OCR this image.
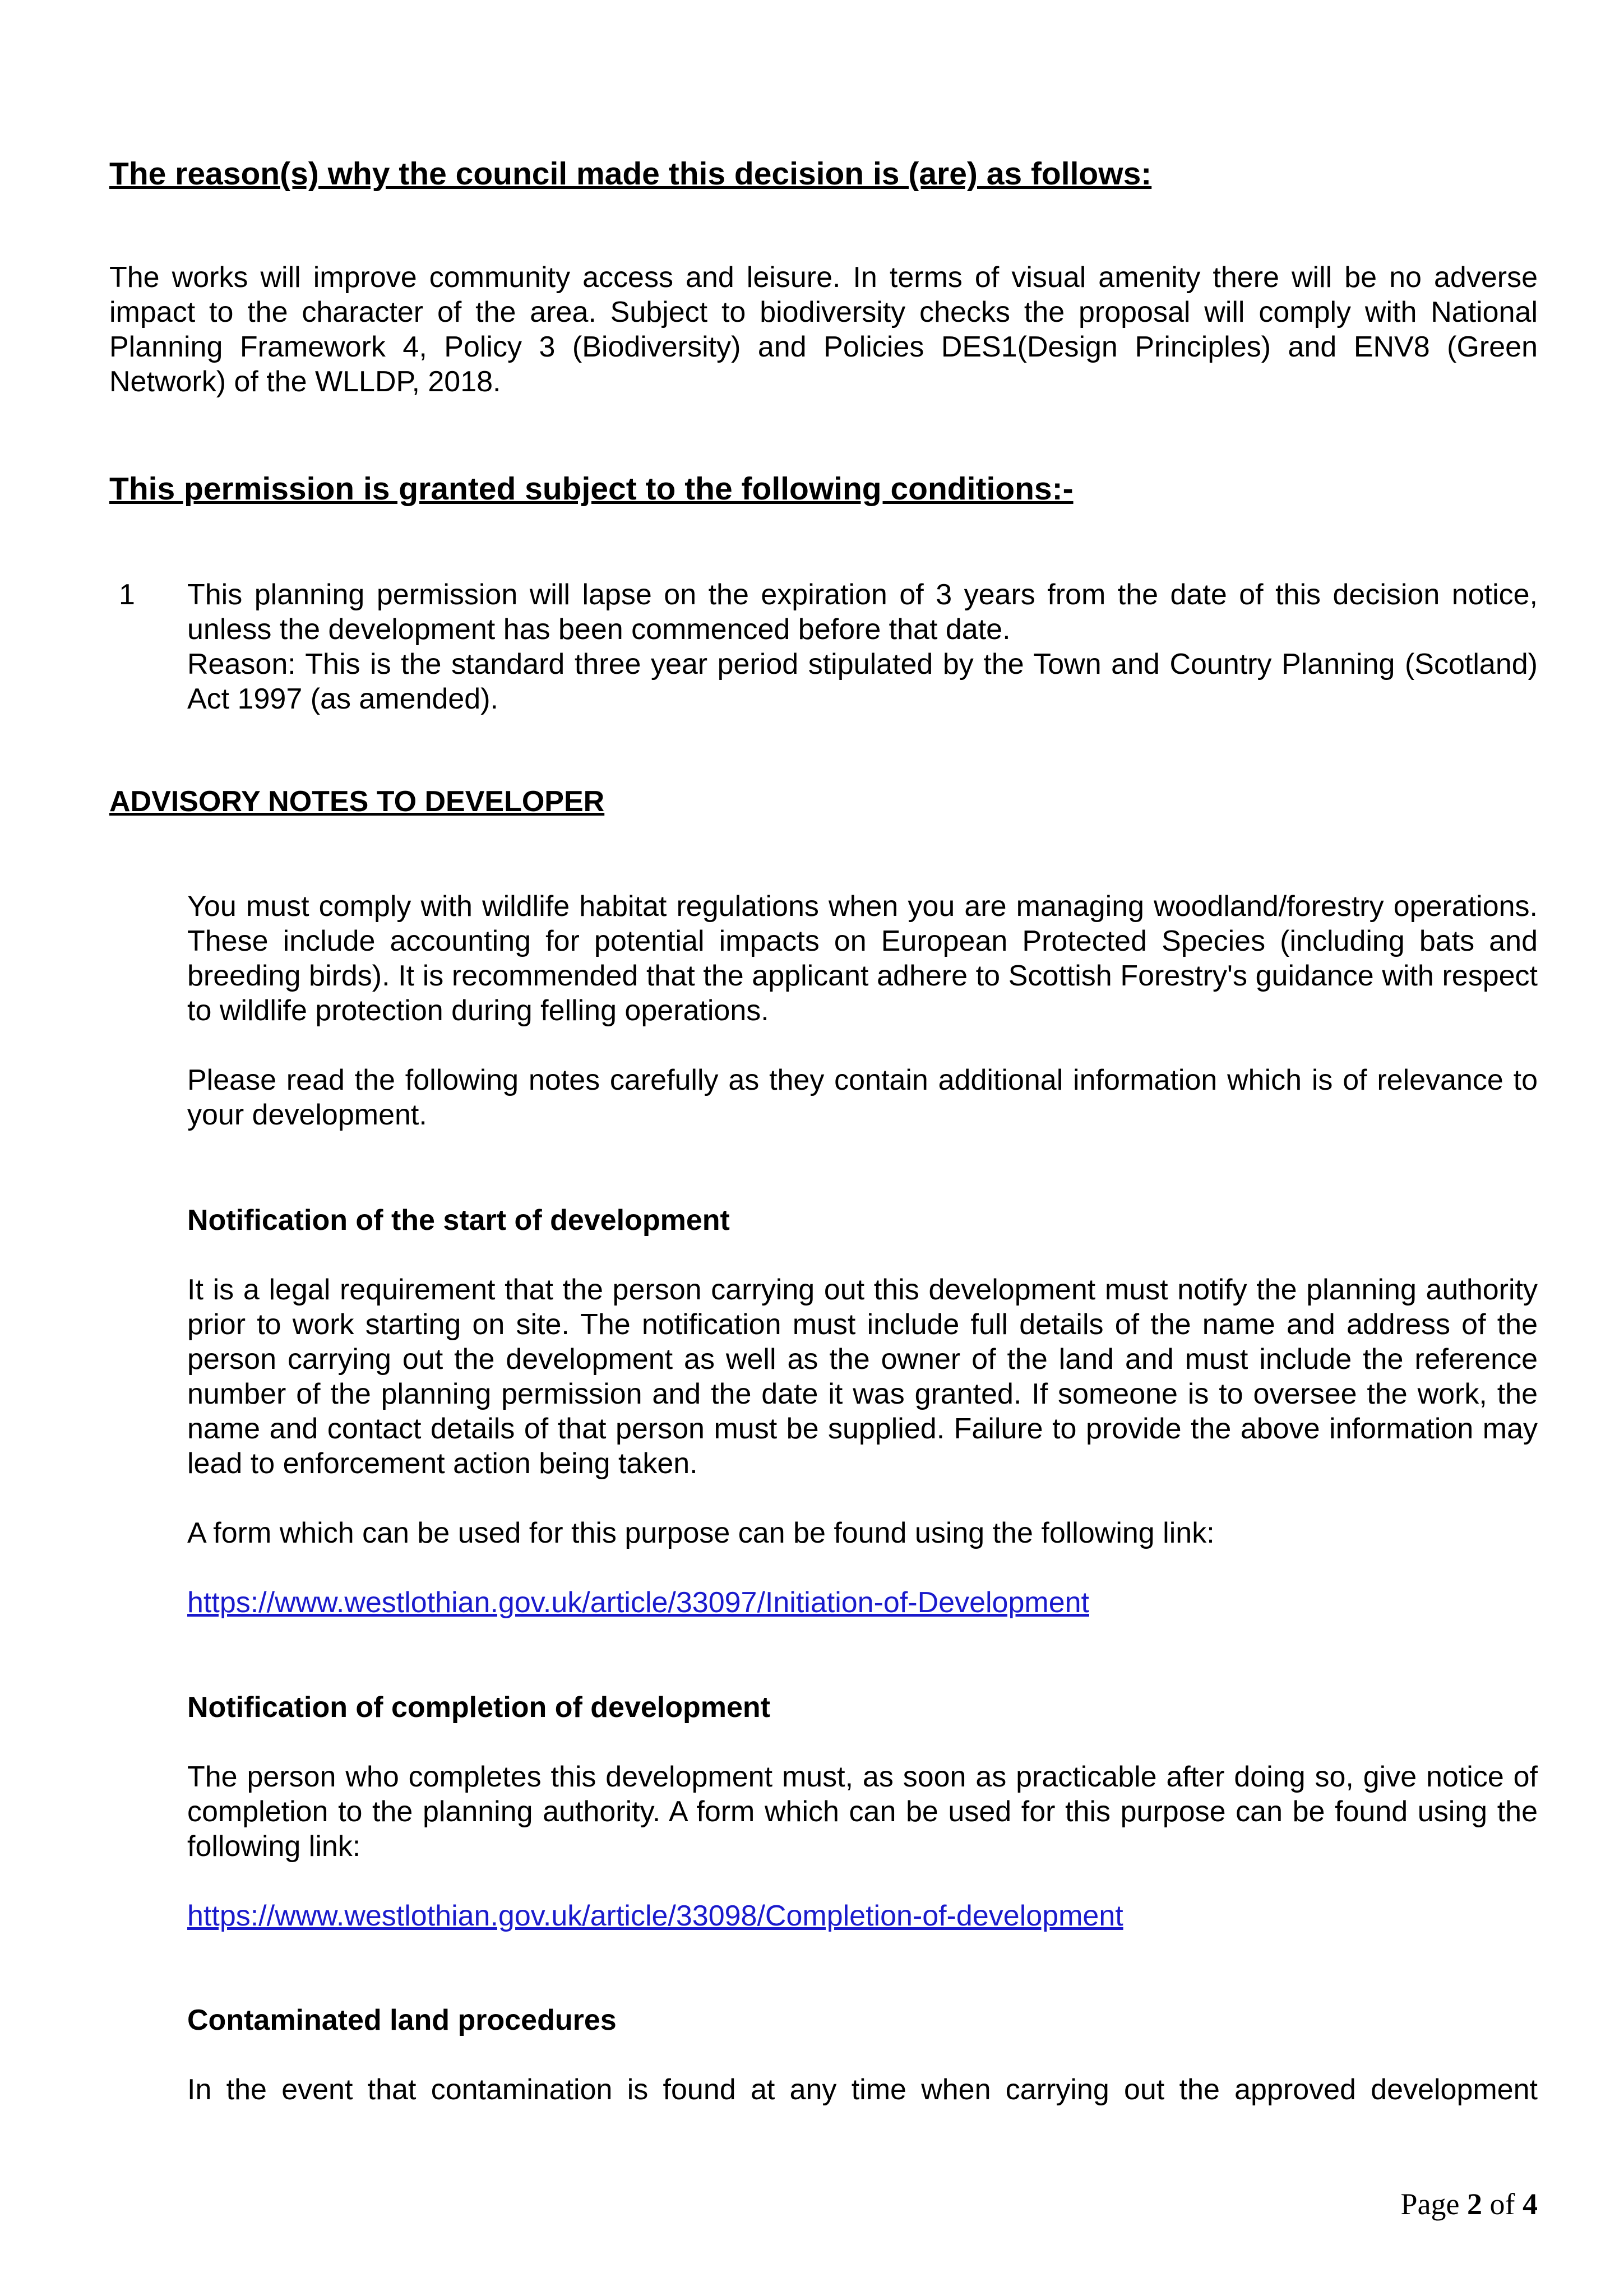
The reason(s) why the council made this decision is (are) as follows:

The works will improve community access and leisure. In terms of visual amenity there will be no adverse impact to the character of the area. Subject to biodiversity checks the proposal will comply with National Planning Framework 4, Policy 3 (Biodiversity) and Policies DES1(Design Principles) and ENV8 (Green Network) of the WLLDP, 2018.

This permission is granted subject to the following conditions:-
1 This planning permission will lapse on the expiration of 3 years from the date of this decision notice, unless the development has been commenced before that date.

Reason: This is the standard three year period stipulated by the Town and Country Planning (Scotland) Act 1997 (as amended).

ADVISORY NOTES TO DEVELOPER

You must comply with wildlife habitat regulations when you are managing woodland/forestry operations. These include accounting for potential impacts on European Protected Species (including bats and breeding birds). It is recommended that the applicant adhere to Scottish Forestry's guidance with respect to wildlife protection during felling operations.

Please read the following notes carefully as they contain additional information which is of relevance to your development.

Notification of the start of development

It is a legal requirement that the person carrying out this development must notify the planning authority prior to work starting on site. The notification must include full details of the name and address of the person carrying out the development as well as the owner of the land and must include the reference number of the planning permission and the date it was granted. If someone is to oversee the work, the name and contact details of that person must be supplied. Failure to provide the above information may lead to enforcement action being taken.

A form which can be used for this purpose can be found using the following link:

https://www.westlothian.gov.uk/article/33097/Initiation-of-Development
Notification of completion of development

The person who completes this development must, as soon as practicable after doing so, give notice of completion to the planning authority. A form which can be used for this purpose can be found using the following link:

https://www.westlothian.gov.uk/article/33098/Completion-of-development
Contaminated land procedures

In the event that contamination is found at any time when carrying out the approved development

Page 2 of 4
